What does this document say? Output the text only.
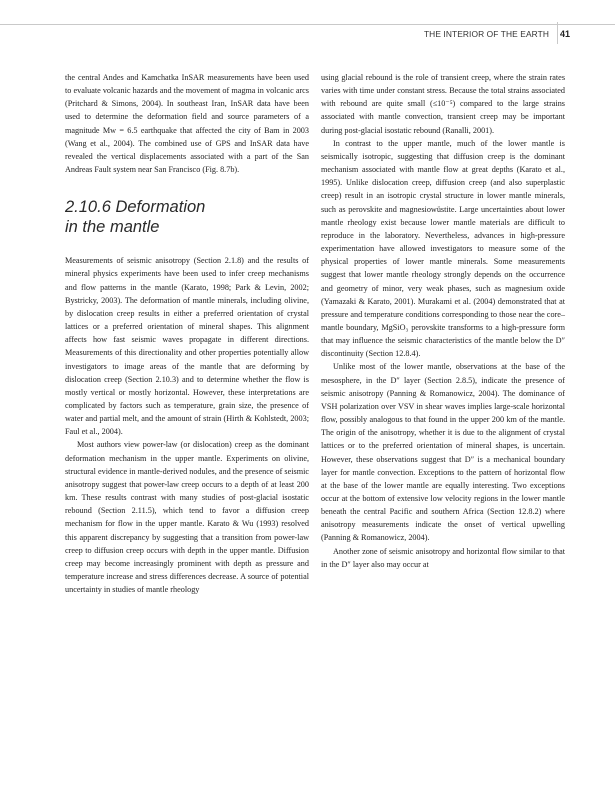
THE INTERIOR OF THE EARTH 41

the central Andes and Kamchatka InSAR measurements have been used to evaluate volcanic hazards and the movement of magma in volcanic arcs (Pritchard & Simons, 2004). In southeast Iran, InSAR data have been used to determine the deformation field and source parameters of a magnitude Mw = 6.5 earthquake that affected the city of Bam in 2003 (Wang et al., 2004). The combined use of GPS and InSAR data have revealed the vertical displacements associated with a part of the San Andreas Fault system near San Francisco (Fig. 8.7b).

2.10.6 Deformation
in the mantle

Measurements of seismic anisotropy (Section 2.1.8) and the results of mineral physics experiments have been used to infer creep mechanisms and flow patterns in the mantle (Karato, 1998; Park & Levin, 2002; Bystricky, 2003). The deformation of mantle minerals, including olivine, by dislocation creep results in either a preferred orientation of crystal lattices or a preferred orientation of mineral shapes. This alignment affects how fast seismic waves propagate in different directions. Measurements of this directionality and other properties potentially allow investigators to image areas of the mantle that are deforming by dislocation creep (Section 2.10.3) and to determine whether the flow is mostly vertical or mostly horizontal. However, these interpretations are complicated by factors such as temperature, grain size, the presence of water and partial melt, and the amount of strain (Hirth & Kohlstedt, 2003; Faul et al., 2004).

Most authors view power-law (or dislocation) creep as the dominant deformation mechanism in the upper mantle. Experiments on olivine, structural evidence in mantle-derived nodules, and the presence of seismic anisotropy suggest that power-law creep occurs to a depth of at least 200 km. These results contrast with many studies of post-glacial isostatic rebound (Section 2.11.5), which tend to favor a diffusion creep mechanism for flow in the upper mantle. Karato & Wu (1993) resolved this apparent discrepancy by suggesting that a transition from power-law creep to diffusion creep occurs with depth in the upper mantle. Diffusion creep may become increasingly prominent with depth as pressure and temperature increase and stress differences decrease. A source of potential uncertainty in studies of mantle rheology

using glacial rebound is the role of transient creep, where the strain rates varies with time under constant stress. Because the total strains associated with rebound are quite small (≤10⁻⁵) compared to the large strains associated with mantle convection, transient creep may be important during post-glacial isostatic rebound (Ranalli, 2001).

In contrast to the upper mantle, much of the lower mantle is seismically isotropic, suggesting that diffusion creep is the dominant mechanism associated with mantle flow at great depths (Karato et al., 1995). Unlike dislocation creep, diffusion creep (and also superplastic creep) result in an isotropic crystal structure in lower mantle minerals, such as perovskite and magnesiowüstite. Large uncertainties about lower mantle rheology exist because lower mantle materials are difficult to reproduce in the laboratory. Nevertheless, advances in high-pressure experimentation have allowed investigators to measure some of the physical properties of lower mantle minerals. Some measurements suggest that lower mantle rheology strongly depends on the occurrence and geometry of minor, very weak phases, such as magnesium oxide (Yamazaki & Karato, 2001). Murakami et al. (2004) demonstrated that at pressure and temperature conditions corresponding to those near the core–mantle boundary, MgSiO₃ perovskite transforms to a high-pressure form that may influence the seismic characteristics of the mantle below the D″ discontinuity (Section 12.8.4).

Unlike most of the lower mantle, observations at the base of the mesosphere, in the D″ layer (Section 2.8.5), indicate the presence of seismic anisotropy (Panning & Romanowicz, 2004). The dominance of VSH polarization over VSV in shear waves implies large-scale horizontal flow, possibly analogous to that found in the upper 200 km of the mantle. The origin of the anisotropy, whether it is due to the alignment of crystal lattices or to the preferred orientation of mineral shapes, is uncertain. However, these observations suggest that D″ is a mechanical boundary layer for mantle convection. Exceptions to the pattern of horizontal flow at the base of the lower mantle are equally interesting. Two exceptions occur at the bottom of extensive low velocity regions in the lower mantle beneath the central Pacific and southern Africa (Section 12.8.2) where anisotropy measurements indicate the onset of vertical upwelling (Panning & Romanowicz, 2004).

Another zone of seismic anisotropy and horizontal flow similar to that in the D″ layer also may occur at
